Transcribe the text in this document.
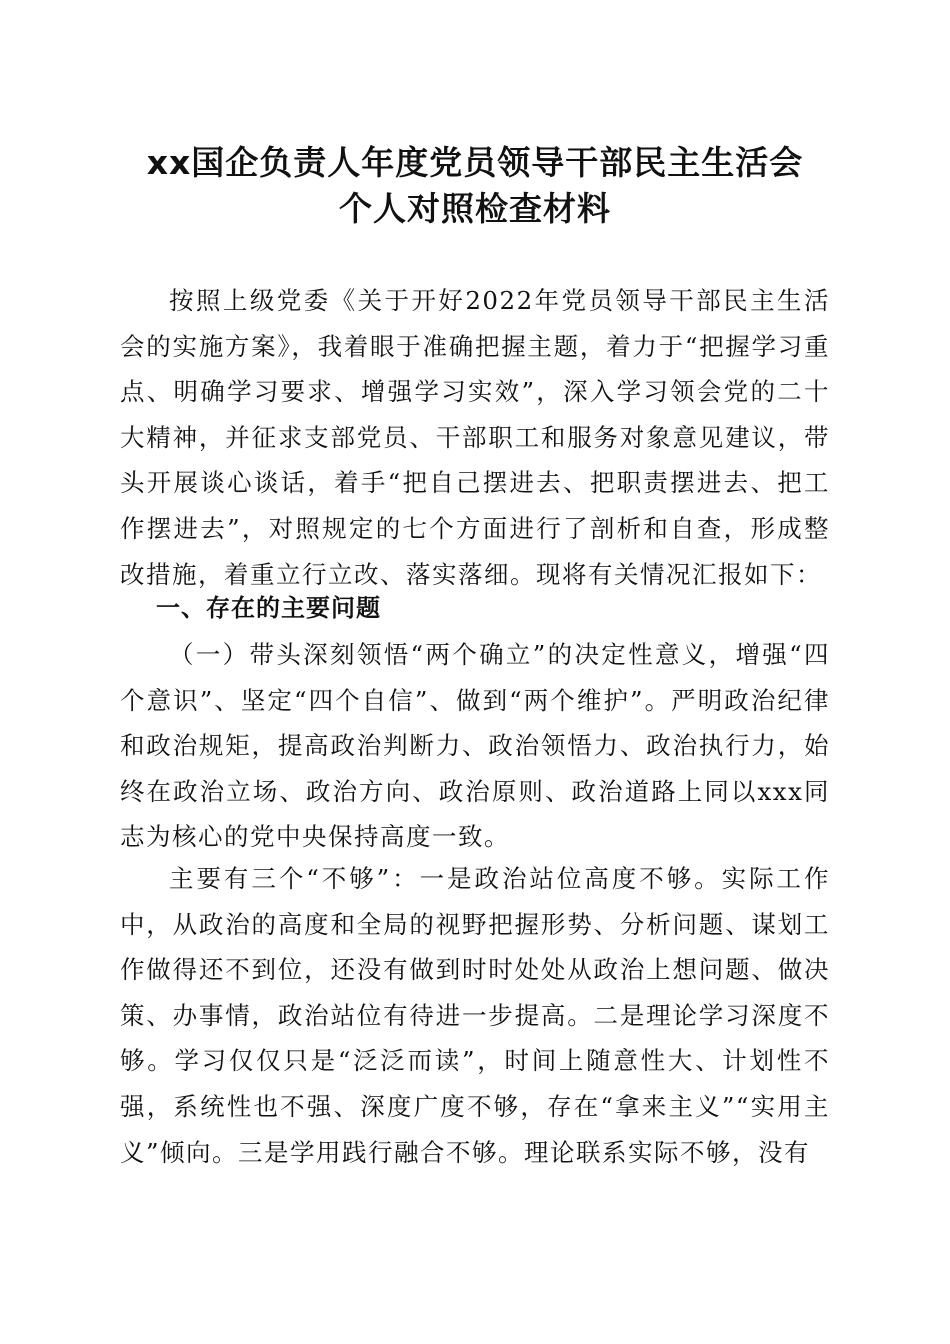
xx国企负责人年度党员领导干部民主生活会
个人对照检查材料

按照上级党委《关于开好2022年党员领导干部民主生活会的实施方案》，我着眼于准确把握主题，着力于“把握学习重点、明确学习要求、增强学习实效”，深入学习领会党的二十大精神，并征求支部党员、干部职工和服务对象意见建议，带头开展谈心谈话，着手“把自己摆进去、把职责摆进去、把工作摆进去”，对照规定的七个方面进行了剖析和自查，形成整改措施，着重立行立改、落实落细。现将有关情况汇报如下：

一、存在的主要问题

（一）带头深刻领悟“两个确立”的决定性意义，增强“四个意识”、坚定“四个自信”、做到“两个维护”。严明政治纪律和政治规矩，提高政治判断力、政治领悟力、政治执行力，始终在政治立场、政治方向、政治原则、政治道路上同以xxx同志为核心的党中央保持高度一致。

主要有三个“不够”：一是政治站位高度不够。实际工作中，从政治的高度和全局的视野把握形势、分析问题、谋划工作做得还不到位，还没有做到时时处处从政治上想问题、做决策、办事情，政治站位有待进一步提高。二是理论学习深度不够。学习仅仅只是“泛泛而读”，时间上随意性大、计划性不强，系统性也不强、深度广度不够，存在“拿来主义”“实用主义”倾向。三是学用践行融合不够。理论联系实际不够，没有
